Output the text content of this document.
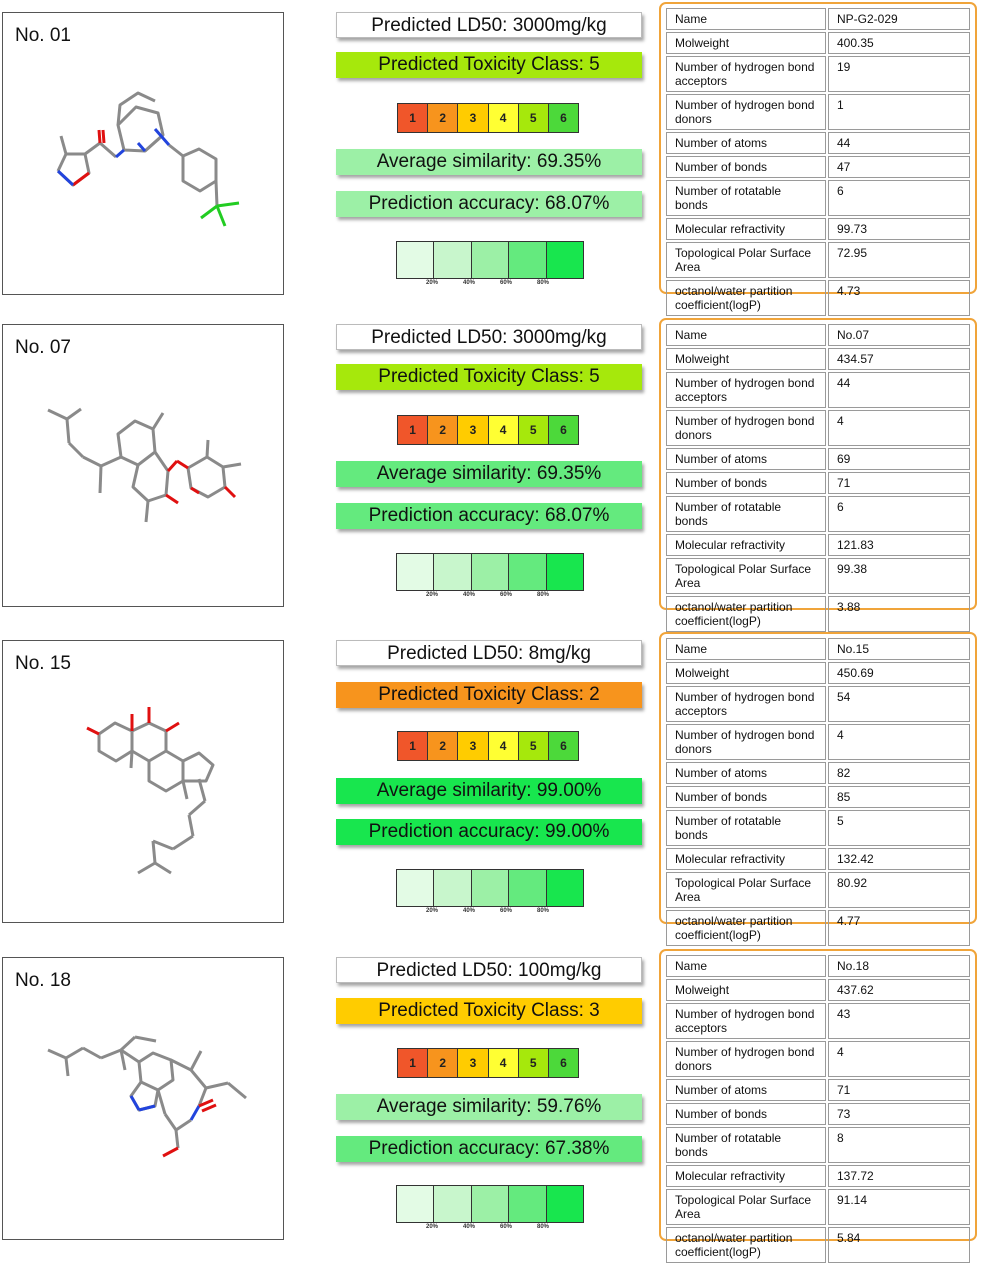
No. 01	Predicted LD50: 3000mg/kg
Predicted Toxicity Class: 5
1	2	3	4	5	6
Average similarity: 69.35%
Prediction accuracy: 68.07%
20%	40%	60%	80%
Name	NP-G2-029
Molweight	400.35
Number of hydrogen bond acceptors	19
Number of hydrogen bond donors	1
Number of atoms	44
Number of bonds	47
Number of rotatable bonds	6
Molecular refractivity	99.73
Topological Polar Surface Area	72.95
octanol/water partition coefficient(logP)	4.73
No. 07	Predicted LD50: 3000mg/kg
Predicted Toxicity Class: 5
1	2	3	4	5	6
Average similarity: 69.35%
Prediction accuracy: 68.07%
20%	40%	60%	80%
Name	No.07
Molweight	434.57
Number of hydrogen bond acceptors	44
Number of hydrogen bond donors	4
Number of atoms	69
Number of bonds	71
Number of rotatable bonds	6
Molecular refractivity	121.83
Topological Polar Surface Area	99.38
octanol/water partition coefficient(logP)	3.88
No. 15	Predicted LD50: 8mg/kg
Predicted Toxicity Class: 2
1	2	3	4	5	6
Average similarity: 99.00%
Prediction accuracy: 99.00%
20%	40%	60%	80%
Name	No.15
Molweight	450.69
Number of hydrogen bond acceptors	54
Number of hydrogen bond donors	4
Number of atoms	82
Number of bonds	85
Number of rotatable bonds	5
Molecular refractivity	132.42
Topological Polar Surface Area	80.92
octanol/water partition coefficient(logP)	4.77
No. 18	Predicted LD50: 100mg/kg
Predicted Toxicity Class: 3
1	2	3	4	5	6
Average similarity: 59.76%
Prediction accuracy: 67.38%
20%	40%	60%	80%
Name	No.18
Molweight	437.62
Number of hydrogen bond acceptors	43
Number of hydrogen bond donors	4
Number of atoms	71
Number of bonds	73
Number of rotatable bonds	8
Molecular refractivity	137.72
Topological Polar Surface Area	91.14
octanol/water partition coefficient(logP)	5.84
